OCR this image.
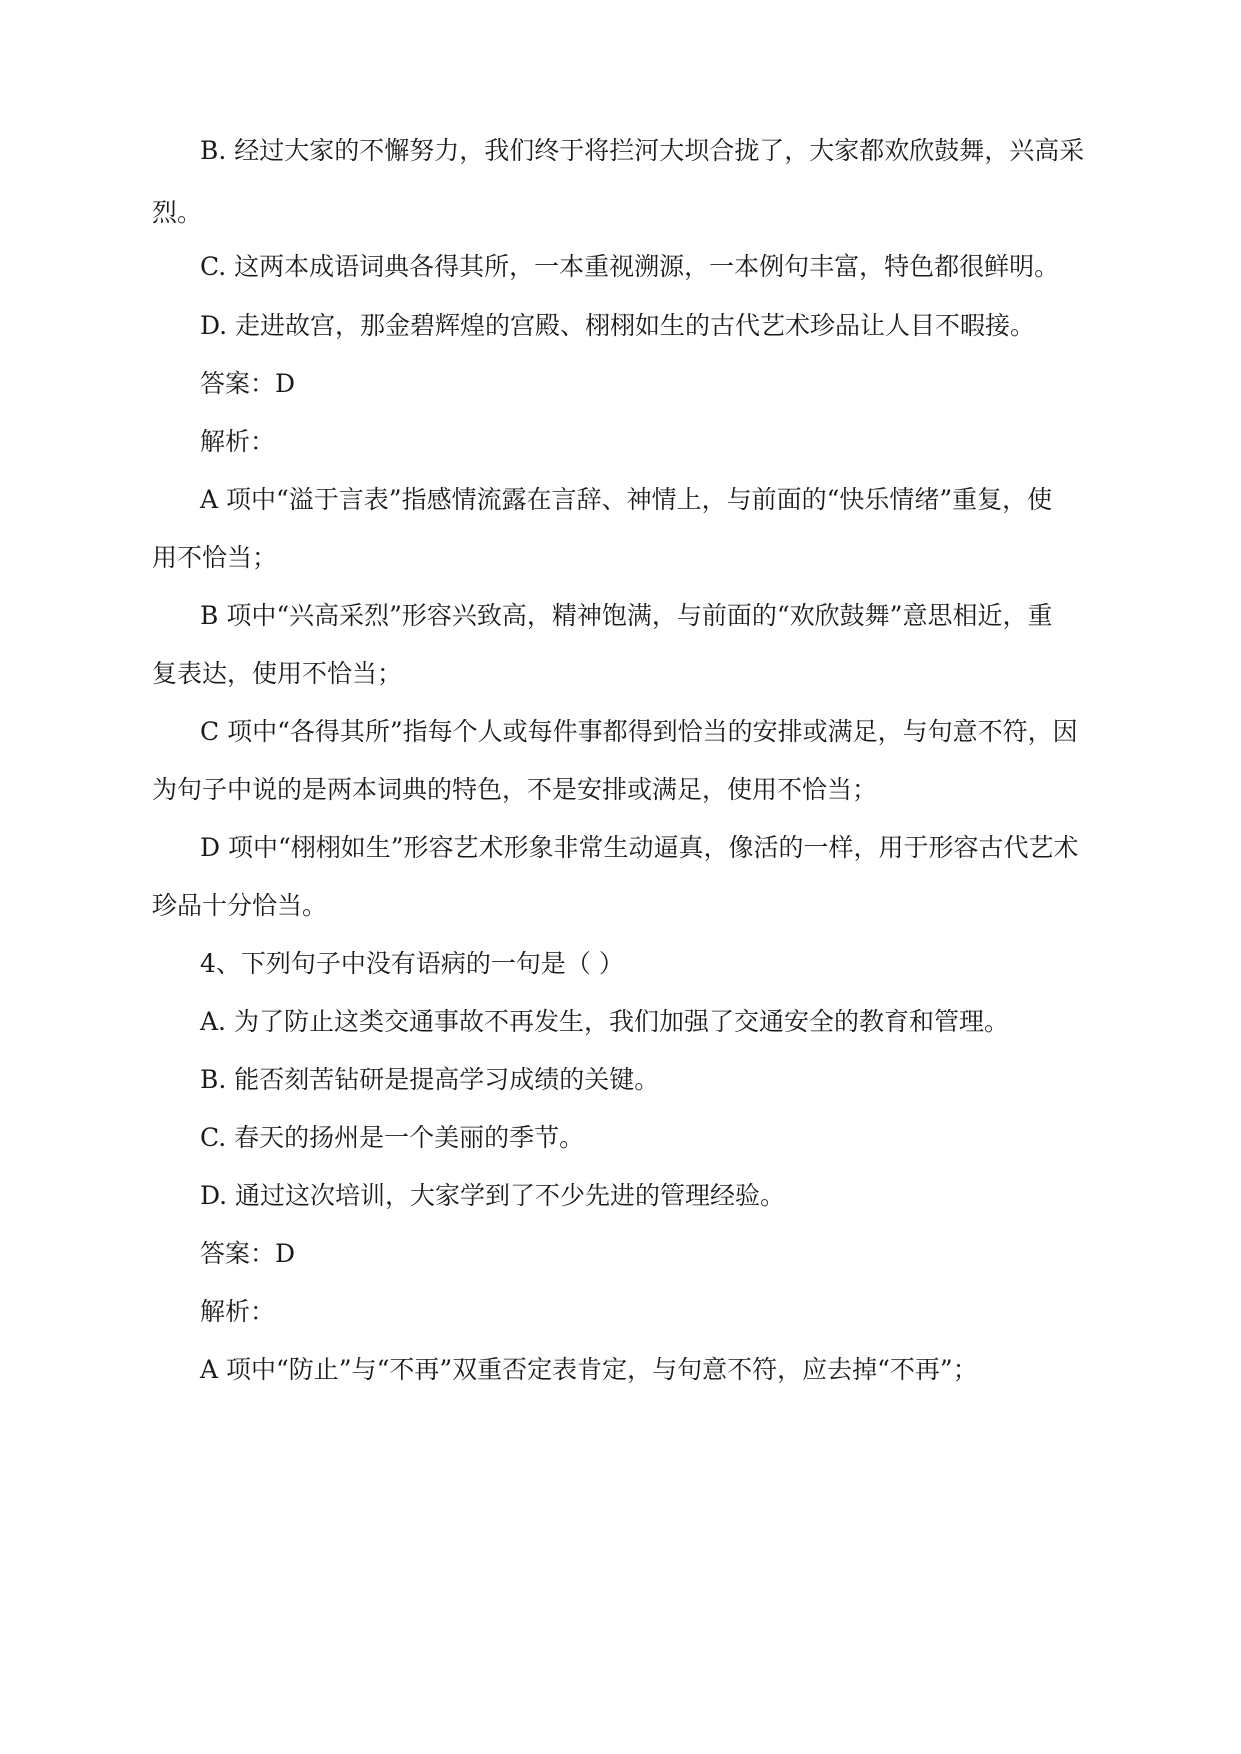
B. 经过大家的不懈努力，我们终于将拦河大坝合拢了，大家都欢欣鼓舞，兴高采

烈。

C. 这两本成语词典各得其所，一本重视溯源，一本例句丰富，特色都很鲜明。

D. 走进故宫，那金碧辉煌的宫殿、栩栩如生的古代艺术珍品让人目不暇接。

答案：D

解析：

A 项中“溢于言表”指感情流露在言辞、神情上，与前面的“快乐情绪”重复，使

用不恰当；

B 项中“兴高采烈”形容兴致高，精神饱满，与前面的“欢欣鼓舞”意思相近，重

复表达，使用不恰当；

C 项中“各得其所”指每个人或每件事都得到恰当的安排或满足，与句意不符，因

为句子中说的是两本词典的特色，不是安排或满足，使用不恰当；

D 项中“栩栩如生”形容艺术形象非常生动逼真，像活的一样，用于形容古代艺术

珍品十分恰当。

4、下列句子中没有语病的一句是（ ）

A. 为了防止这类交通事故不再发生，我们加强了交通安全的教育和管理。

B. 能否刻苦钻研是提高学习成绩的关键。

C. 春天的扬州是一个美丽的季节。

D. 通过这次培训，大家学到了不少先进的管理经验。

答案：D

解析：

A 项中“防止”与“不再”双重否定表肯定，与句意不符，应去掉“不再”；
